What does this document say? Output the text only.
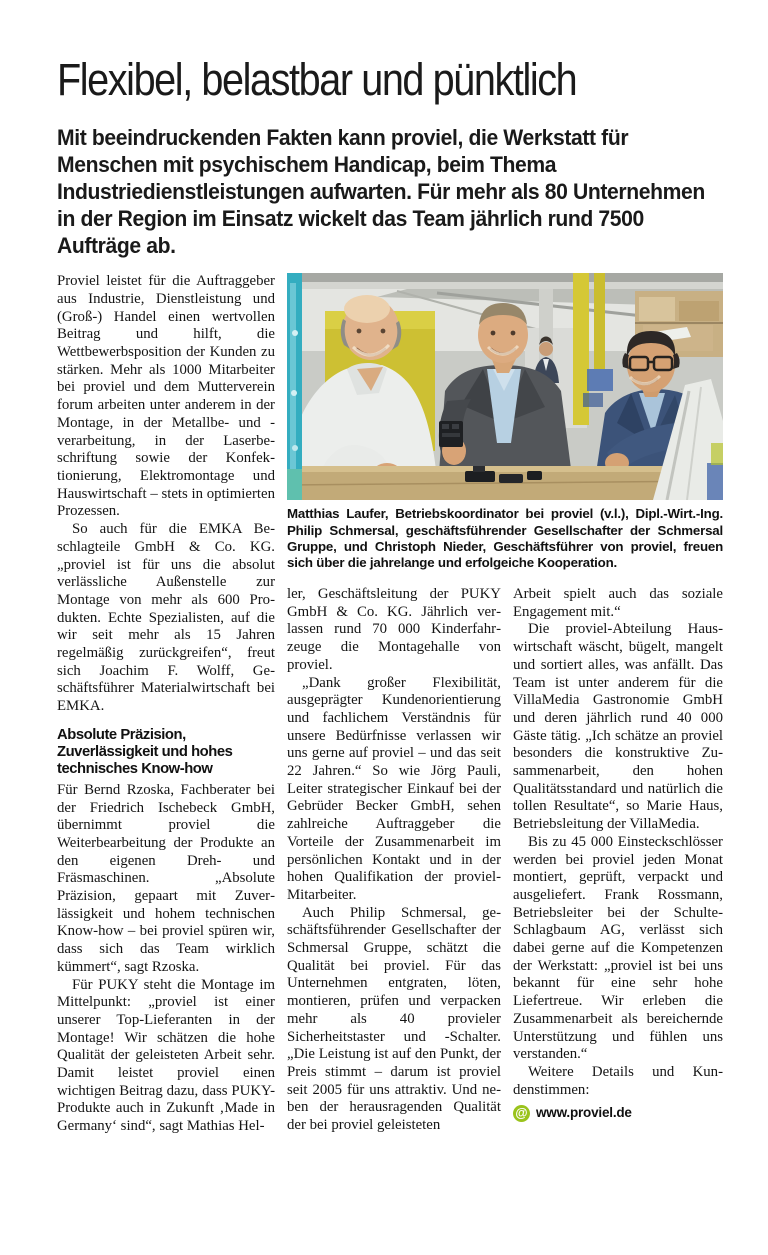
Flexibel, belastbar und pünktlich

Mit beeindruckenden Fakten kann proviel, die Werkstatt für Menschen mit psychischem Handicap, beim Thema Industriedienstleistungen aufwarten. Für mehr als 80 Unternehmen in der Region im Einsatz wickelt das Team jährlich rund 7500 Aufträge ab.

Proviel leistet für die Auftraggeber aus Industrie, Dienstleistung und (Groß-) Handel einen wertvollen Beitrag und hilft, die Wettbewerbsposition der Kunden zu stärken. Mehr als 1000 Mitarbeiter bei proviel und dem Mutterverein forum arbeiten unter anderem in der Montage, in der Metallbe- und -verarbeitung, in der Laserbeschriftung sowie der Konfektionierung, Elektromontage und Hauswirtschaft – stets in optimierten Prozessen.

So auch für die EMKA Beschlagteile GmbH & Co. KG. „proviel ist für uns die absolut verlässliche Außenstelle zur Montage von mehr als 600 Produkten. Echte Spezialisten, auf die wir seit mehr als 15 Jahren regelmäßig zurückgreifen“, freut sich Joachim F. Wolff, Geschäftsführer Materialwirtschaft bei EMKA.

Absolute Präzision, Zuverlässigkeit und hohes technisches Know-how

Für Bernd Rzoska, Fachberater bei der Friedrich Ischebeck GmbH, übernimmt proviel die Weiterbearbeitung der Produkte an den eigenen Dreh- und Fräsmaschinen. „Absolute Präzision, gepaart mit Zuverlässigkeit und hohem technischen Know-how – bei proviel spüren wir, dass sich das Team wirklich kümmert“, sagt Rzoska.

Für PUKY steht die Montage im Mittelpunkt: „proviel ist einer unserer Top-Lieferanten in der Montage! Wir schätzen die hohe Qualität der geleisteten Arbeit sehr. Damit leistet proviel einen wichtigen Beitrag dazu, dass PUKY-Produkte auch in Zukunft ‚Made in Germany‘ sind“, sagt Mathias Hel-

Matthias Laufer, Betriebskoordinator bei proviel (v.l.), Dipl.-Wirt.-Ing. Philip Schmersal, geschäftsführender Gesellschafter der Schmersal Gruppe, und Christoph Nieder, Geschäftsführer von proviel, freuen sich über die jahrelange und erfolgeiche Kooperation.

ler, Geschäftsleitung der PUKY GmbH & Co. KG. Jährlich verlassen rund 70 000 Kinderfahrzeuge die Montagehalle von proviel.

„Dank großer Flexibilität, ausgeprägter Kundenorientierung und fachlichem Verständnis für unsere Bedürfnisse verlassen wir uns gerne auf proviel – und das seit 22 Jahren.“ So wie Jörg Pauli, Leiter strategischer Einkauf bei der Gebrüder Becker GmbH, sehen zahlreiche Auftraggeber die Vorteile der Zusammenarbeit im persönlichen Kontakt und in der hohen Qualifikation der proviel-Mitarbeiter.

Auch Philip Schmersal, geschäftsführender Gesellschafter der Schmersal Gruppe, schätzt die Qualität bei proviel. Für das Unternehmen entgraten, löten, montieren, prüfen und verpacken mehr als 40 provieler Sicherheitstaster und -Schalter. „Die Leistung ist auf den Punkt, der Preis stimmt – darum ist proviel seit 2005 für uns attraktiv. Und neben der herausragenden Qualität der bei proviel geleisteten

Arbeit spielt auch das soziale Engagement mit.“

Die proviel-Abteilung Hauswirtschaft wäscht, bügelt, mangelt und sortiert alles, was anfällt. Das Team ist unter anderem für die VillaMedia Gastronomie GmbH und deren jährlich rund 40 000 Gäste tätig. „Ich schätze an proviel besonders die konstruktive Zusammenarbeit, den hohen Qualitätsstandard und natürlich die tollen Resultate“, so Marie Haus, Betriebsleitung der VillaMedia.

Bis zu 45 000 Einsteckschlösser werden bei proviel jeden Monat montiert, geprüft, verpackt und ausgeliefert. Frank Rossmann, Betriebsleiter bei der Schulte-Schlagbaum AG, verlässt sich dabei gerne auf die Kompetenzen der Werkstatt: „proviel ist bei uns bekannt für eine sehr hohe Liefertreue. Wir erleben die Zusammenarbeit als bereichernde Unterstützung und fühlen uns verstanden.“

Weitere Details und Kundenstimmen:

@ www.proviel.de
